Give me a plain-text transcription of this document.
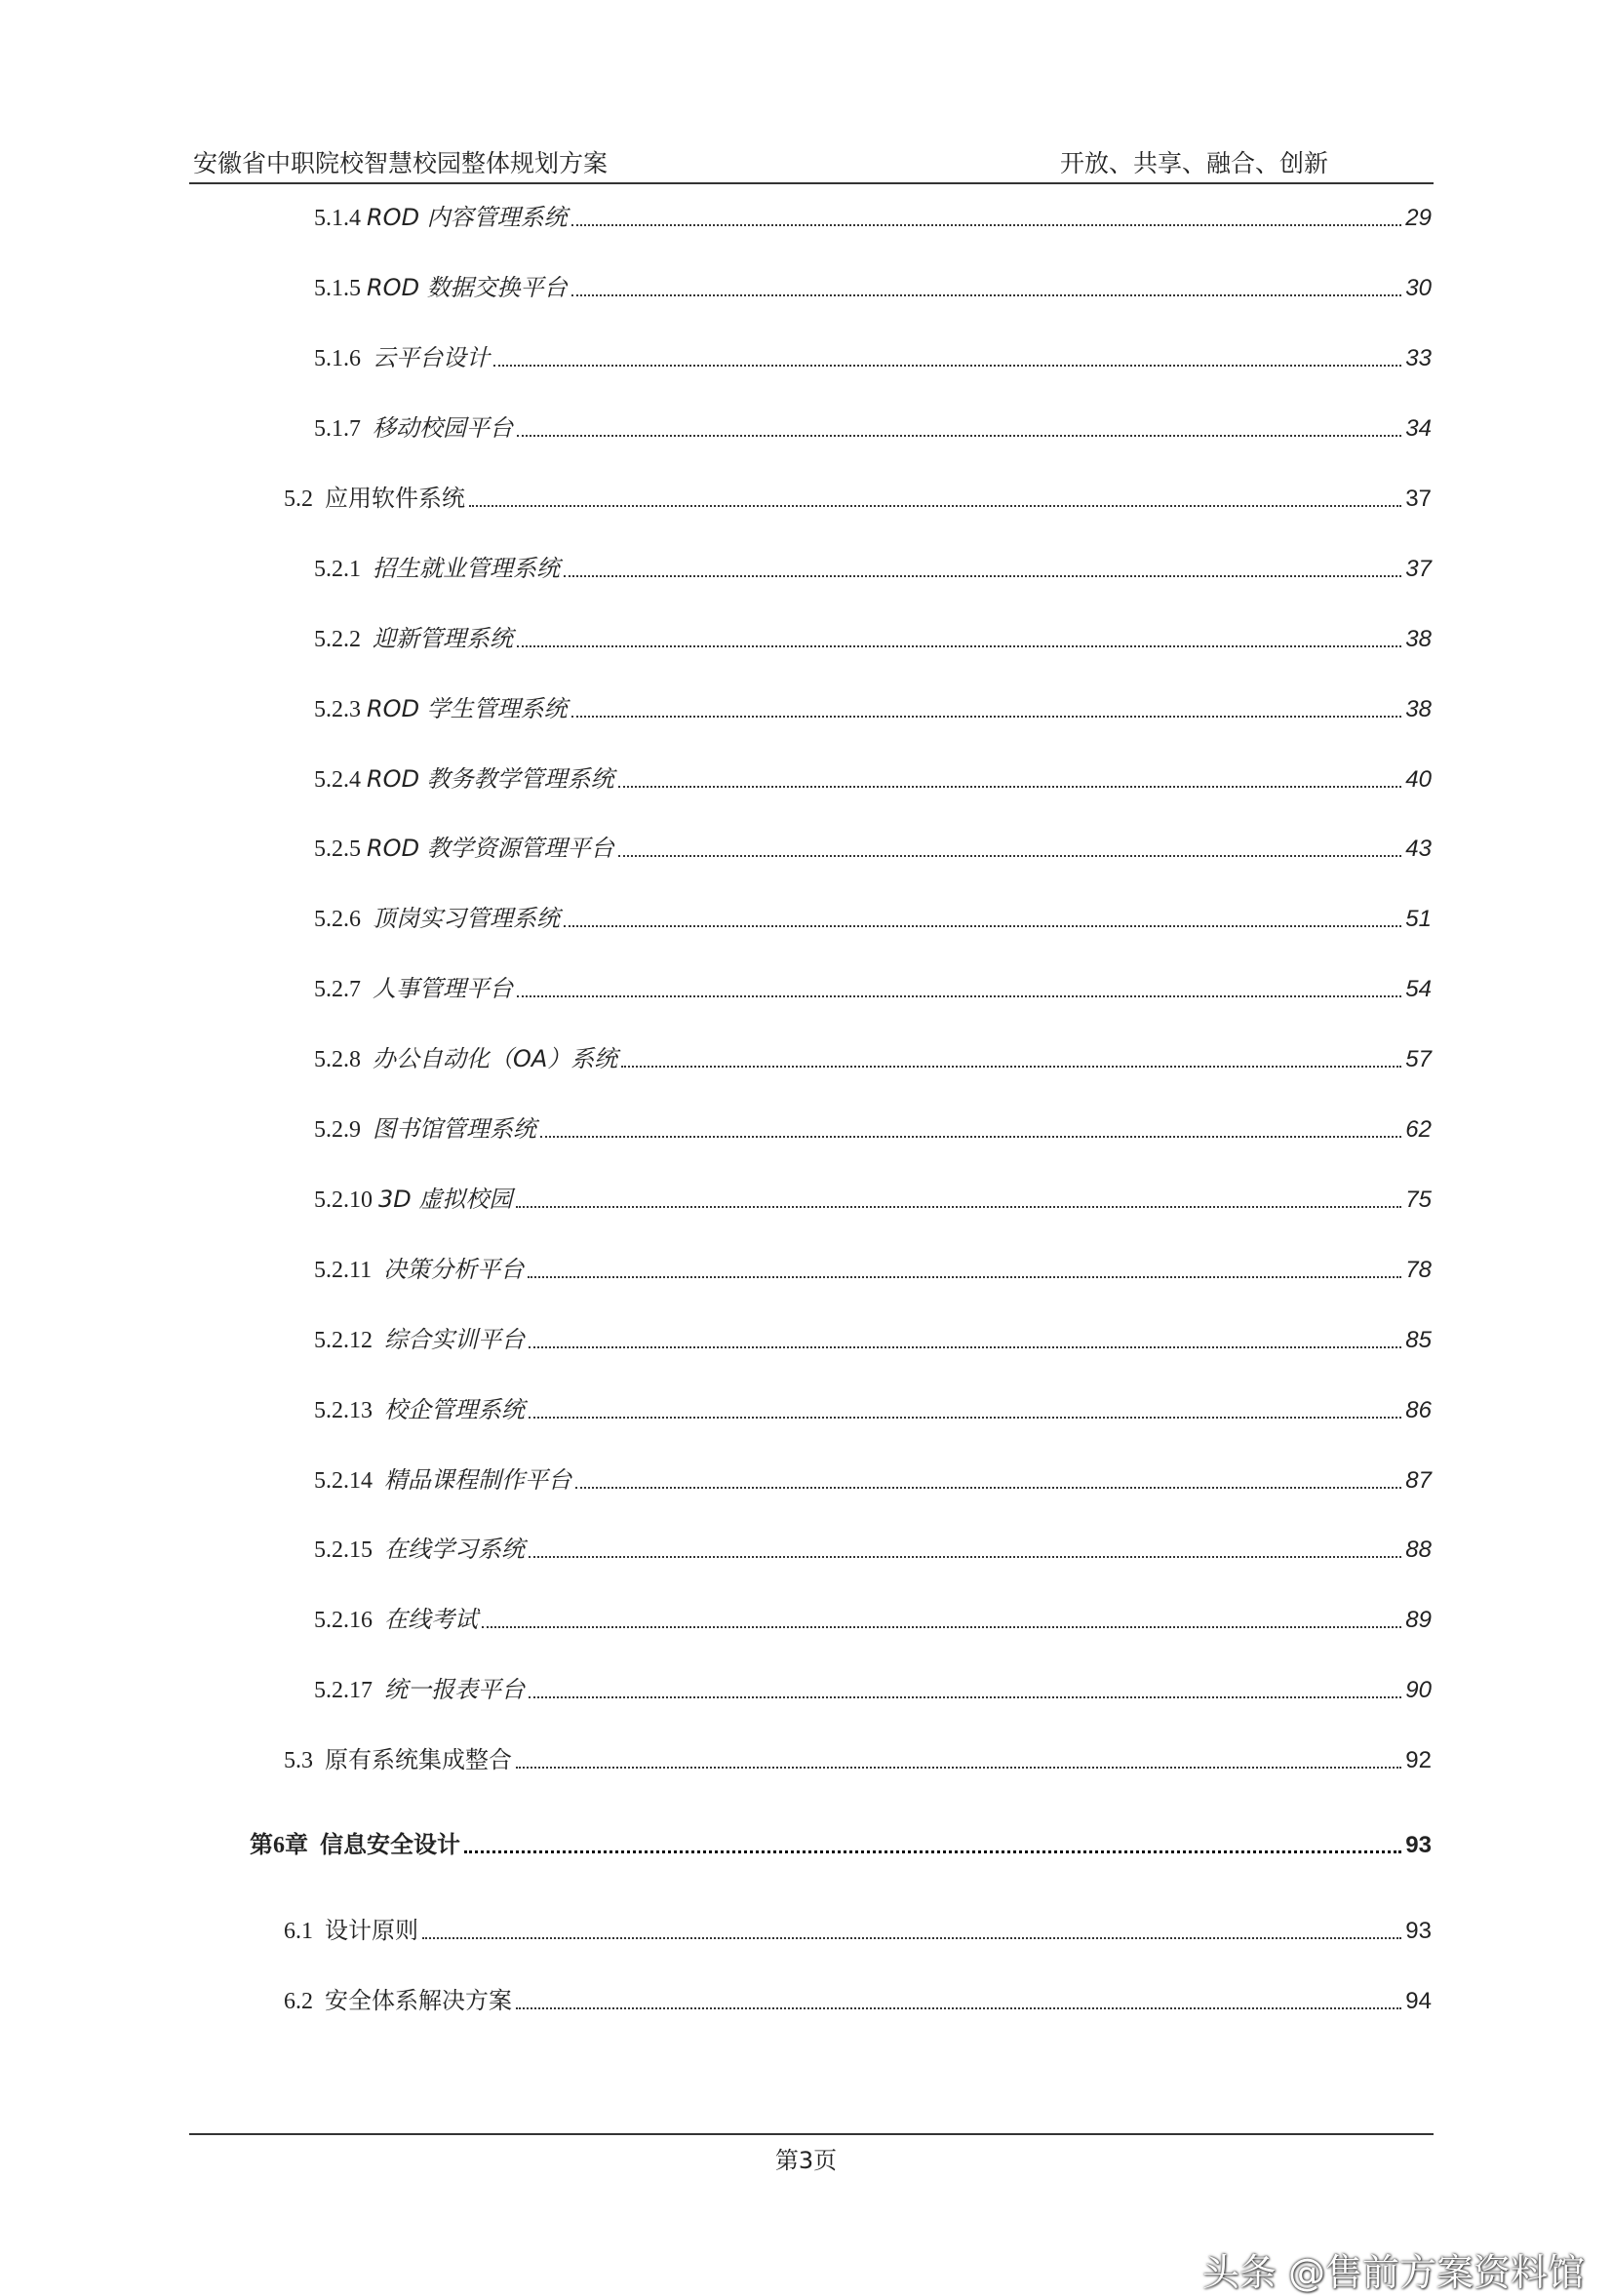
安徽省中职院校智慧校园整体规划方案	开放、共享、融合、创新
5.1.4 ROD 内容管理系统	29
5.1.5 ROD 数据交换平台	30
5.1.6 云平台设计	33
5.1.7 移动校园平台	34
5.2 应用软件系统	37
5.2.1 招生就业管理系统	37
5.2.2 迎新管理系统	38
5.2.3 ROD 学生管理系统	38
5.2.4 ROD 教务教学管理系统	40
5.2.5 ROD 教学资源管理平台	43
5.2.6 顶岗实习管理系统	51
5.2.7 人事管理平台	54
5.2.8 办公自动化（OA）系统	57
5.2.9 图书馆管理系统	62
5.2.10 3D 虚拟校园	75
5.2.11 决策分析平台	78
5.2.12 综合实训平台	85
5.2.13 校企管理系统	86
5.2.14 精品课程制作平台	87
5.2.15 在线学习系统	88
5.2.16 在线考试	89
5.2.17 统一报表平台	90
5.3 原有系统集成整合	92
第6章 信息安全设计	93
6.1 设计原则	93
6.2 安全体系解决方案	94
第3页
头条 @售前方案资料馆
